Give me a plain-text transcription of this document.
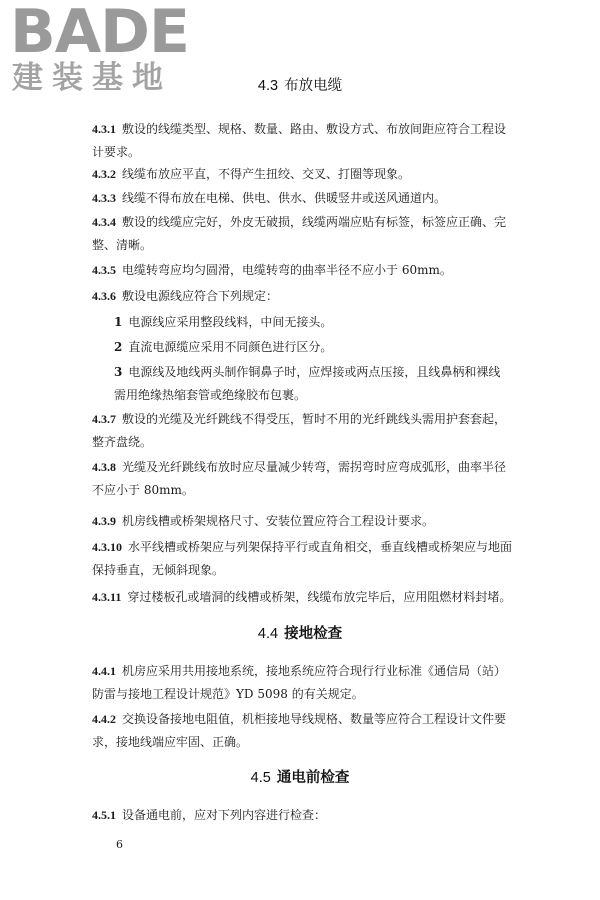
BADE
建装基地	4.3 布放电缆
4.3.1 敷设的线缆类型、规格、数量、路由、敷设方式、布放间距应符合工程设计要求。
4.3.2 线缆布放应平直，不得产生扭绞、交叉、打圈等现象。
4.3.3 线缆不得布放在电梯、供电、供水、供暖竖井或送风通道内。
4.3.4 敷设的线缆应完好，外皮无破损，线缆两端应贴有标签，标签应正确、完整、清晰。
4.3.5 电缆转弯应均匀圆滑，电缆转弯的曲率半径不应小于 60mm。
4.3.6 敷设电源线应符合下列规定：
1 电源线应采用整段线料，中间无接头。
2 直流电源缆应采用不同颜色进行区分。
3 电源线及地线两头制作铜鼻子时，应焊接或两点压接，且线鼻柄和裸线需用绝缘热缩套管或绝缘胶布包裹。
4.3.7 敷设的光缆及光纤跳线不得受压，暂时不用的光纤跳线头需用护套套起，整齐盘绕。
4.3.8 光缆及光纤跳线布放时应尽量减少转弯，需拐弯时应弯成弧形，曲率半径不应小于 80mm。
4.3.9 机房线槽或桥架规格尺寸、安装位置应符合工程设计要求。
4.3.10 水平线槽或桥架应与列架保持平行或直角相交，垂直线槽或桥架应与地面保持垂直，无倾斜现象。
4.3.11 穿过楼板孔或墙洞的线槽或桥架，线缆布放完毕后，应用阻燃材料封堵。
4.4 接地检查
4.4.1 机房应采用共用接地系统，接地系统应符合现行行业标准《通信局（站）防雷与接地工程设计规范》YD 5098 的有关规定。
4.4.2 交换设备接地电阻值，机柜接地导线规格、数量等应符合工程设计文件要求，接地线端应牢固、正确。
4.5 通电前检查
4.5.1 设备通电前，应对下列内容进行检查：
6
